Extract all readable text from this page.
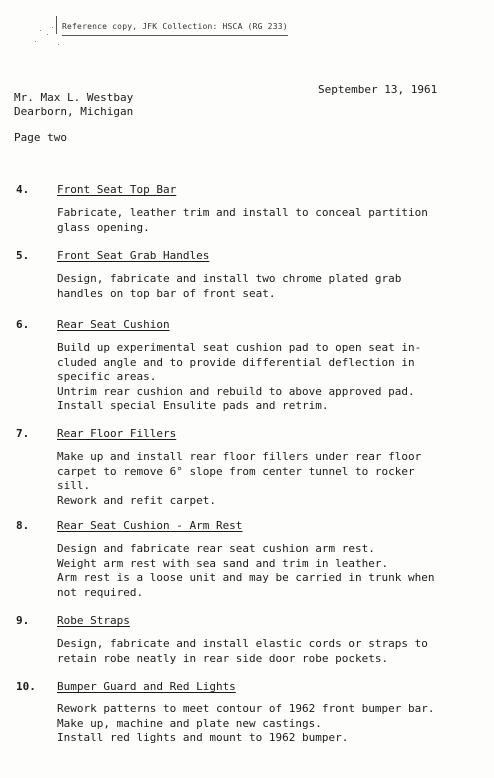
Reference copy, JFK Collection: HSCA (RG 233)
Mr. Max L. Westbay
Dearborn, Michigan
September 13, 1961
Page two
4.	Front Seat Top Bar
Fabricate, leather trim and install to conceal partition
glass opening.
5.	Front Seat Grab Handles
Design, fabricate and install two chrome plated grab
handles on top bar of front seat.
6.	Rear Seat Cushion
Build up experimental seat cushion pad to open seat in-
cluded angle and to provide differential deflection in
specific areas.
Untrim rear cushion and rebuild to above approved pad.
Install special Ensulite pads and retrim.
7.	Rear Floor Fillers
Make up and install rear floor fillers under rear floor
carpet to remove 6° slope from center tunnel to rocker
sill.
Rework and refit carpet.
8.	Rear Seat Cushion - Arm Rest
Design and fabricate rear seat cushion arm rest.
Weight arm rest with sea sand and trim in leather.
Arm rest is a loose unit and may be carried in trunk when
not required.
9.	Robe Straps
Design, fabricate and install elastic cords or straps to
retain robe neatly in rear side door robe pockets.
10. Bumper Guard and Red Lights
Rework patterns to meet contour of 1962 front bumper bar.
Make up, machine and plate new castings.
Install red lights and mount to 1962 bumper.
